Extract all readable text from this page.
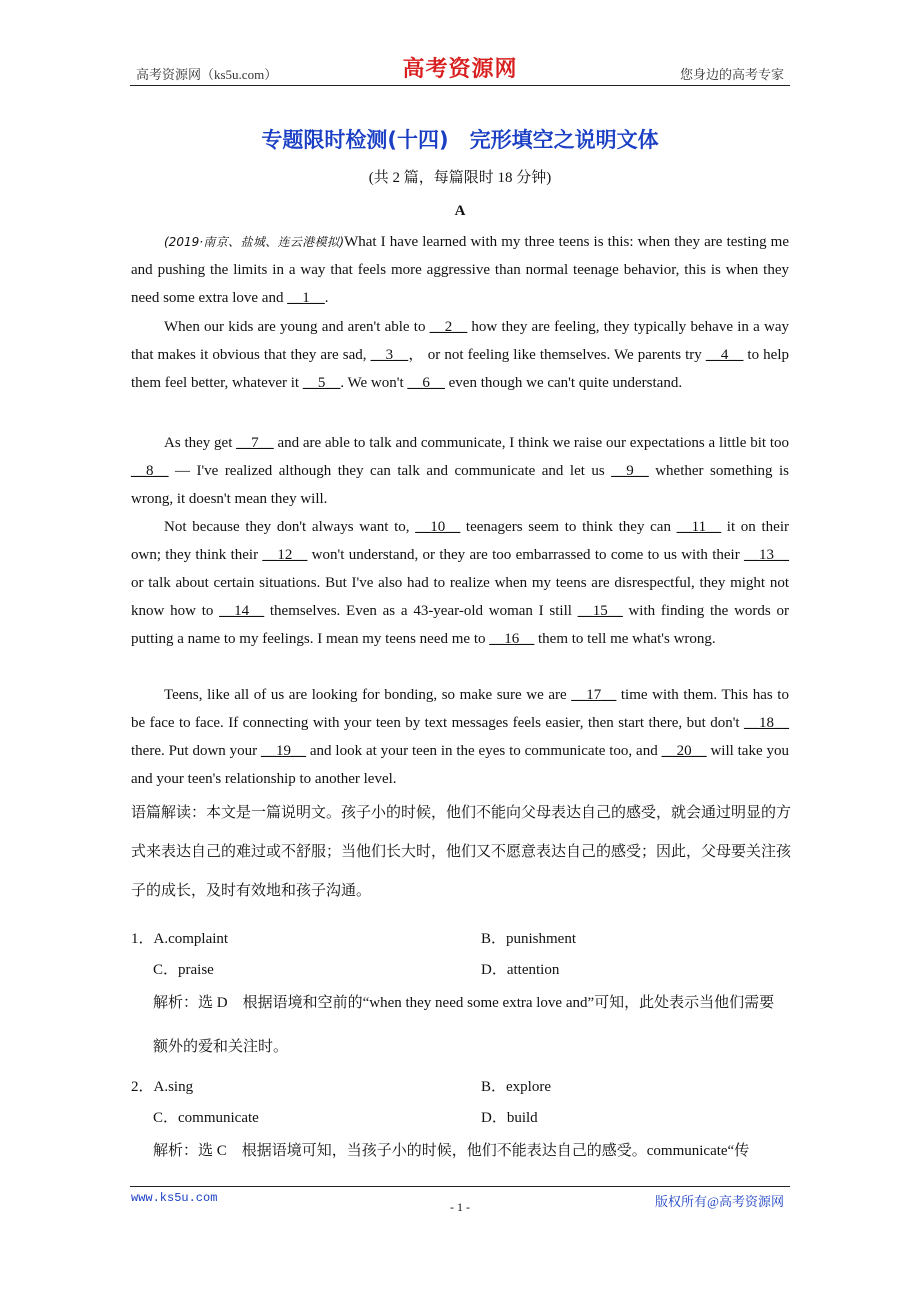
高考资源网（ks5u.com）	高考资源网	您身边的高考专家
专题限时检测(十四)　完形填空之说明文体
(共 2 篇，每篇限时 18 分钟)
A
(2019·南京、盐城、连云港模拟)What I have learned with my three teens is this: when they are testing me and pushing the limits in a way that feels more aggressive than normal teenage behavior, this is when they need some extra love and __1__.
When our kids are young and aren't able to __2__ how they are feeling, they typically behave in a way that makes it obvious that they are sad, __3__， or not feeling like themselves. We parents try __4__ to help them feel better, whatever it __5__. We won't __6__ even though we can't quite understand.
As they get __7__ and are able to talk and communicate, I think we raise our expectations a little bit too __8__ — I've realized although they can talk and communicate and let us __9__ whether something is wrong, it doesn't mean they will.
Not because they don't always want to, __10__ teenagers seem to think they can __11__ it on their own; they think their __12__ won't understand, or they are too embarrassed to come to us with their __13__ or talk about certain situations. But I've also had to realize when my teens are disrespectful, they might not know how to __14__ themselves. Even as a 43-year-old woman I still __15__ with finding the words or putting a name to my feelings. I mean my teens need me to __16__ them to tell me what's wrong.
Teens, like all of us are looking for bonding, so make sure we are __17__ time with them. This has to be face to face. If connecting with your teen by text messages feels easier, then start there, but don't __18__ there. Put down your __19__ and look at your teen in the eyes to communicate too, and __20__ will take you and your teen's relationship to another level.
语篇解读：本文是一篇说明文。孩子小的时候，他们不能向父母表达自己的感受，就会通过明显的方式来表达自己的难过或不舒服；当他们长大时，他们又不愿意表达自己的感受；因此，父母要关注孩子的成长，及时有效地和孩子沟通。
1．A.complaint	B．punishment
C．praise	D．attention
解析：选 D　根据语境和空前的“when they need some extra love and”可知，此处表示当他们需要额外的爱和关注时。
2．A.sing	B．explore
C．communicate	D．build
解析：选 C　根据语境可知，当孩子小的时候，他们不能表达自己的感受。communicate“传
www.ks5u.com
- 1 -	版权所有@高考资源网
